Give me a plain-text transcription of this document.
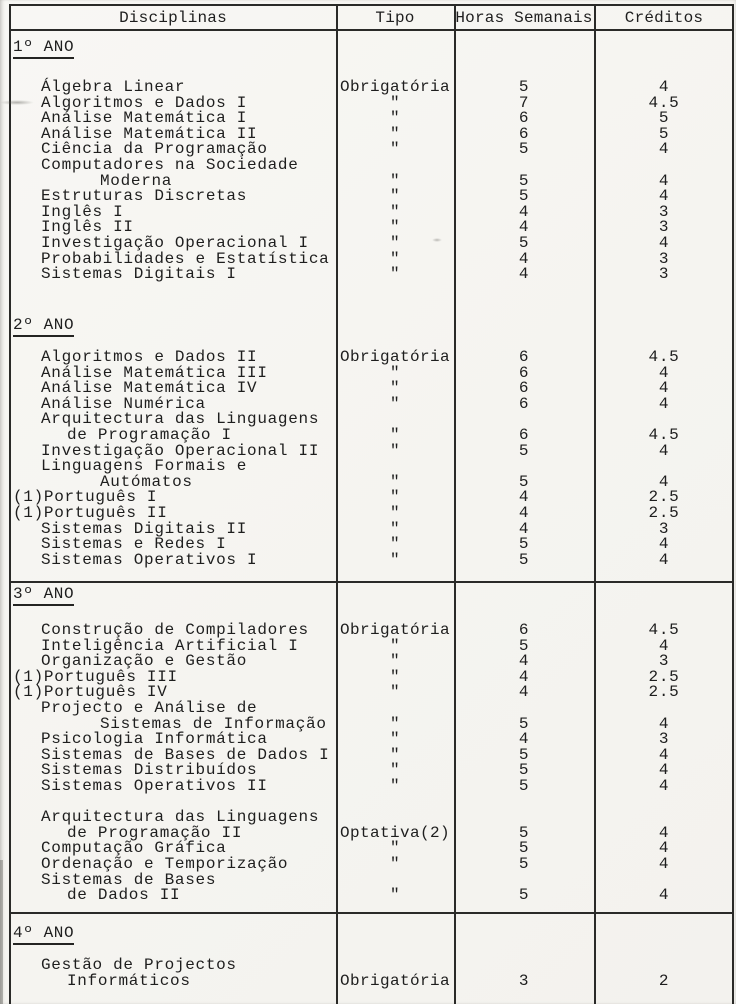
Disciplinas	Tipo	Horas Semanais	Créditos
1º ANO
Álgebra Linear	Obrigatória	5	4
Algoritmos e Dados I	"	7	4.5
Análise Matemática I	"	6	5
Análise Matemática II	"	6	5
Ciência da Programação	"	5	4
Computadores na Sociedade
Moderna	"	5	4
Estruturas Discretas	"	5	4
Inglês I	"	4	3
Inglês II	"	4	3
Investigação Operacional I	"	5	4
Probabilidades e Estatística	"	4	3
Sistemas Digitais I	"	4	3
2º ANO
Algoritmos e Dados II	Obrigatória	6	4.5
Análise Matemática III	"	6	4
Análise Matemática IV	"	6	4
Análise Numérica	"	6	4
Arquitectura das Linguagens
de Programação I	"	6	4.5
Investigação Operacional II	"	5	4
Linguagens Formais e
Autómatos	"	5	4
(1)Português I	"	4	2.5
(1)Português II	"	4	2.5
Sistemas Digitais II	"	4	3
Sistemas e Redes I	"	5	4
Sistemas Operativos I	"	5	4
3º ANO
Construção de Compiladores	Obrigatória	6	4.5
Inteligência Artificial I	"	5	4
Organização e Gestão	"	4	3
(1)Português III	"	4	2.5
(1)Português IV	"	4	2.5
Projecto e Análise de
Sistemas de Informação	"	5	4
Psicologia Informática	"	4	3
Sistemas de Bases de Dados I	"	5	4
Sistemas Distribuídos	"	5	4
Sistemas Operativos II	"	5	4
Arquitectura das Linguagens
de Programação II	Optativa(2)	5	4
Computação Gráfica	"	5	4
Ordenação e Temporização	"	5	4
Sistemas de Bases
de Dados II	"	5	4
4º ANO
Gestão de Projectos
Informáticos	Obrigatória	3	2
